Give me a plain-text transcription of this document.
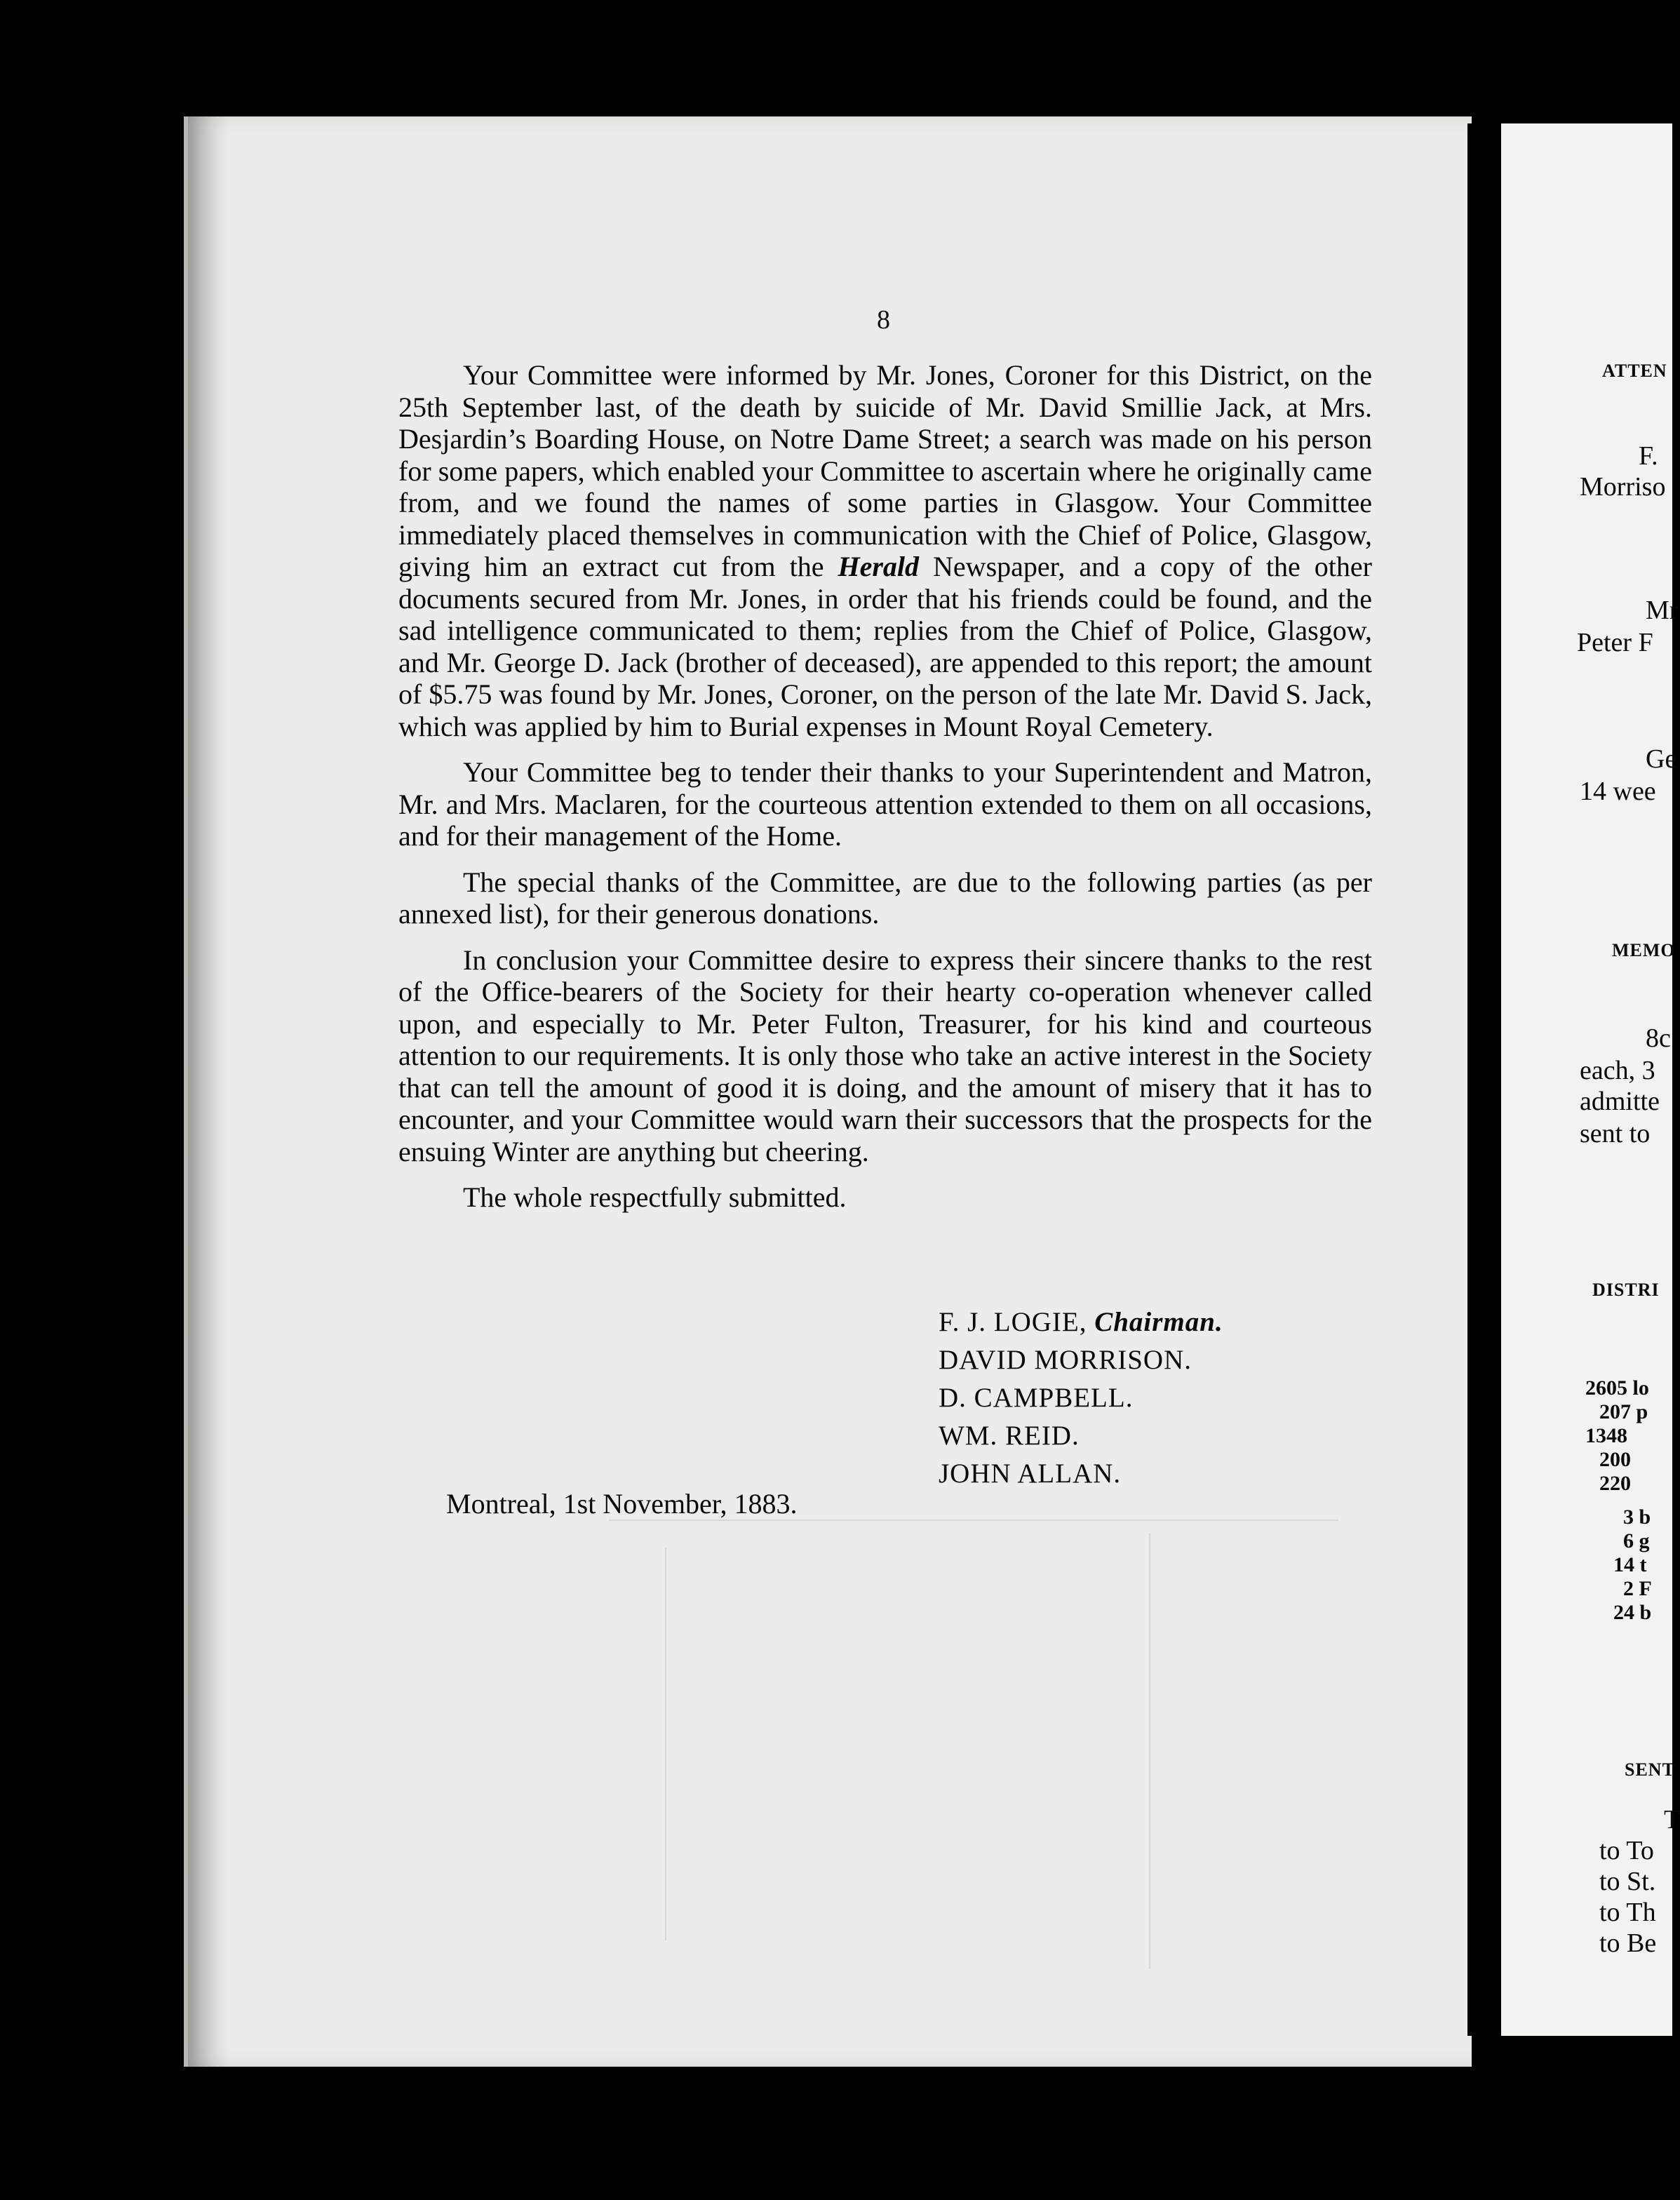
8

Your Committee were informed by Mr. Jones, Coroner for this District, on the 25th September last, of the death by suicide of Mr. David Smillie Jack, at Mrs. Desjardin’s Boarding House, on Notre Dame Street; a search was made on his person for some papers, which enabled your Committee to ascertain where he originally came from, and we found the names of some parties in Glasgow. Your Committee immediately placed themselves in communication with the Chief of Police, Glasgow, giving him an extract cut from the Herald Newspaper, and a copy of the other documents secured from Mr. Jones, in order that his friends could be found, and the sad intelligence communicated to them; replies from the Chief of Police, Glasgow, and Mr. George D. Jack (brother of deceased), are appended to this report; the amount of $5.75 was found by Mr. Jones, Coroner, on the person of the late Mr. David S. Jack, which was applied by him to Burial expenses in Mount Royal Cemetery.

Your Committee beg to tender their thanks to your Superintendent and Matron, Mr. and Mrs. Maclaren, for the courteous attention extended to them on all occasions, and for their management of the Home.

The special thanks of the Committee, are due to the following parties (as per annexed list), for their generous donations.

In conclusion your Committee desire to express their sincere thanks to the rest of the Office-bearers of the Society for their hearty co-operation whenever called upon, and especially to Mr. Peter Fulton, Treasurer, for his kind and courteous attention to our requirements. It is only those who take an active interest in the Society that can tell the amount of good it is doing, and the amount of misery that it has to encounter, and your Committee would warn their successors that the prospects for the ensuing Winter are anything but cheering.

The whole respectfully submitted.

F. J. LOGIE, Chairman.
DAVID MORRISON.
D. CAMPBELL.
WM. REID.
JOHN ALLAN.
Montreal, 1st November, 1883.
ATTEN
F.
Morriso
Mr
Peter F
Ge
14 wee
MEMO
8c
each, 3
admitte
sent to
DISTRI
2605 lo
207 p
1348
200
220
3 b
6 g
14 t
2 F
24 b
SENT
T
to To
to St.
to Th
to Be
